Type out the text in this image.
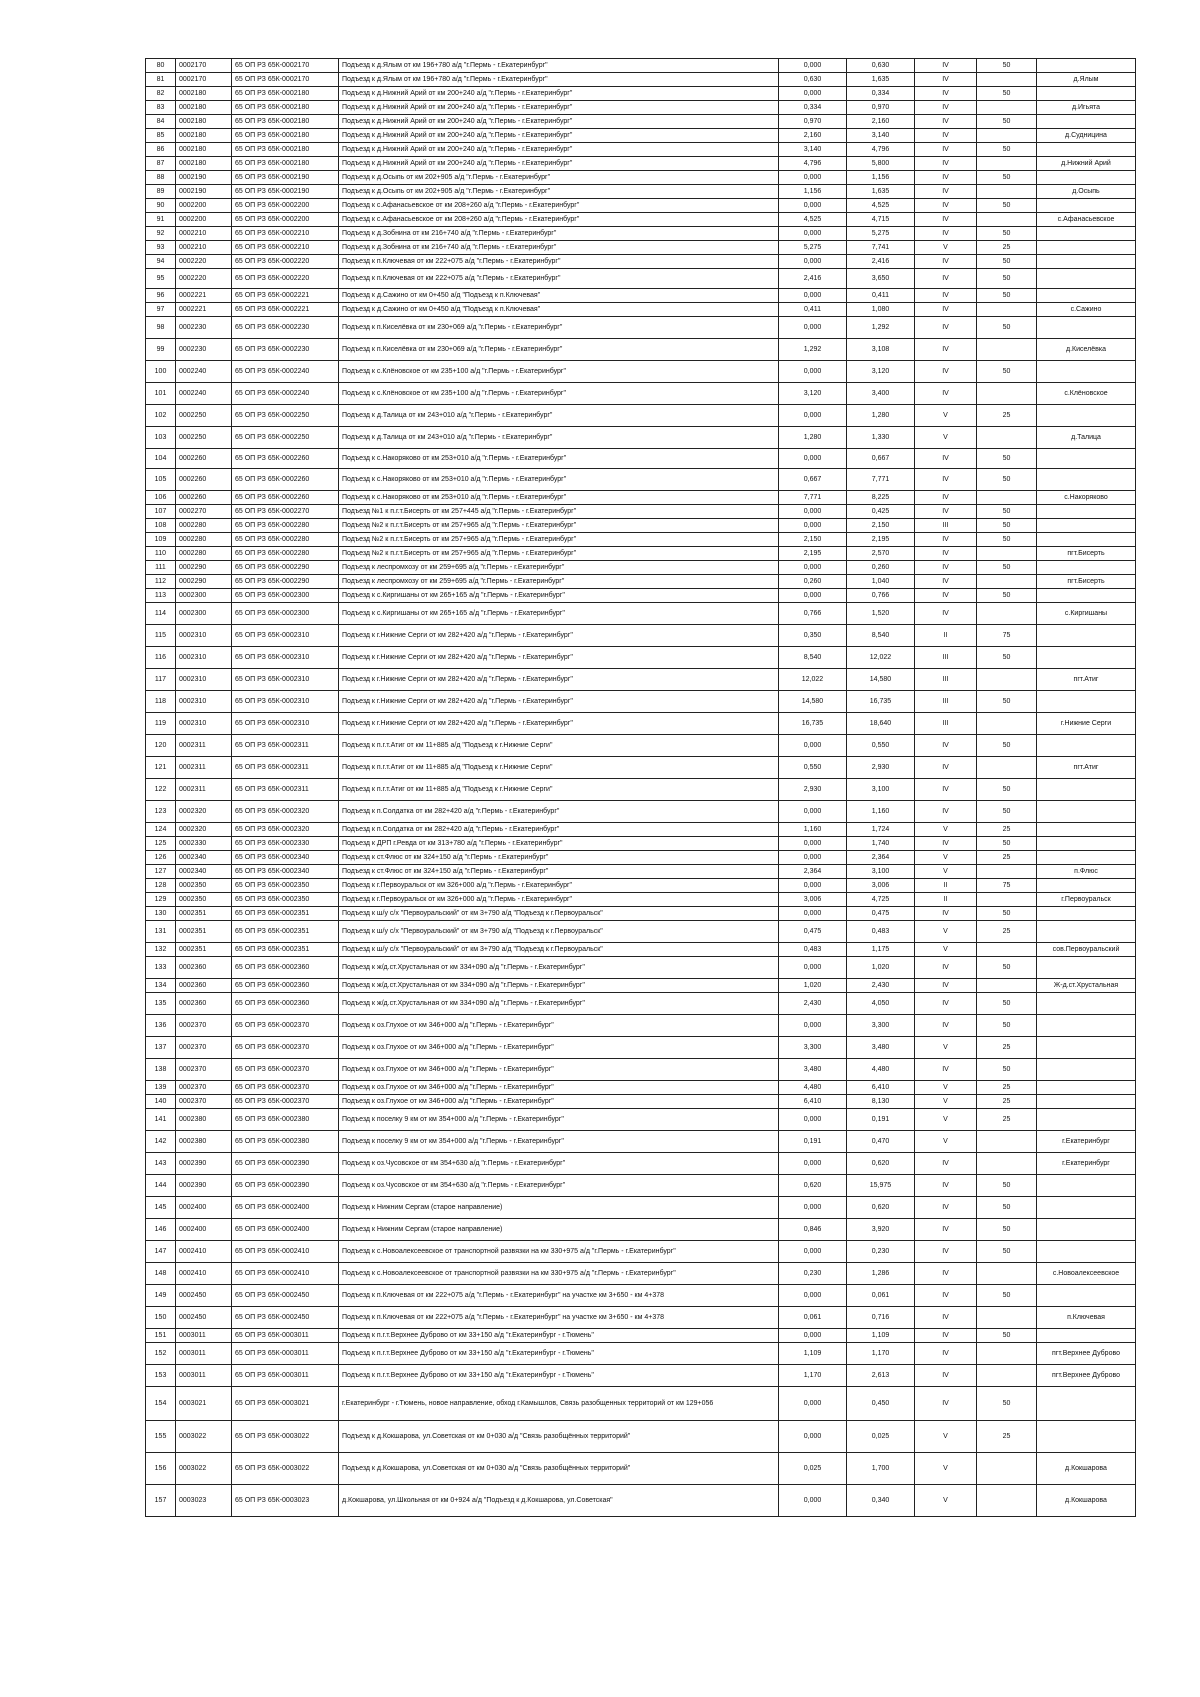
80	0002170	65 ОП РЗ 65К-0002170	Подъезд к д.Ялым от км 196+780 а/д "г.Пермь - г.Екатеринбург"	0,000	0,630	IV	50	
81	0002170	65 ОП РЗ 65К-0002170	Подъезд к д.Ялым от км 196+780 а/д "г.Пермь - г.Екатеринбург"	0,630	1,635	IV		д.Ялым
82	0002180	65 ОП РЗ 65К-0002180	Подъезд к д.Нижний Арий от км 200+240 а/д "г.Пермь - г.Екатеринбург"	0,000	0,334	IV	50	
83	0002180	65 ОП РЗ 65К-0002180	Подъезд к д.Нижний Арий от км 200+240 а/д "г.Пермь - г.Екатеринбург"	0,334	0,970	IV		д.Игьята
84	0002180	65 ОП РЗ 65К-0002180	Подъезд к д.Нижний Арий от км 200+240 а/д "г.Пермь - г.Екатеринбург"	0,970	2,160	IV	50	
85	0002180	65 ОП РЗ 65К-0002180	Подъезд к д.Нижний Арий от км 200+240 а/д "г.Пермь - г.Екатеринбург"	2,160	3,140	IV		д.Судницина
86	0002180	65 ОП РЗ 65К-0002180	Подъезд к д.Нижний Арий от км 200+240 а/д "г.Пермь - г.Екатеринбург"	3,140	4,796	IV	50	
87	0002180	65 ОП РЗ 65К-0002180	Подъезд к д.Нижний Арий от км 200+240 а/д "г.Пермь - г.Екатеринбург"	4,796	5,800	IV		д.Нижний Арий
88	0002190	65 ОП РЗ 65К-0002190	Подъезд к д.Осыпь от км 202+905 а/д "г.Пермь - г.Екатеринбург"	0,000	1,156	IV	50	
89	0002190	65 ОП РЗ 65К-0002190	Подъезд к д.Осыпь от км 202+905 а/д "г.Пермь - г.Екатеринбург"	1,156	1,635	IV		д.Осыпь
90	0002200	65 ОП РЗ 65К-0002200	Подъезд к с.Афанасьевское от км 208+260 а/д "г.Пермь - г.Екатеринбург"	0,000	4,525	IV	50	
91	0002200	65 ОП РЗ 65К-0002200	Подъезд к с.Афанасьевское от км 208+260 а/д "г.Пермь - г.Екатеринбург"	4,525	4,715	IV		с.Афанасьевское
92	0002210	65 ОП РЗ 65К-0002210	Подъезд к д.Зобнина от км 216+740 а/д "г.Пермь - г.Екатеринбург"	0,000	5,275	IV	50	
93	0002210	65 ОП РЗ 65К-0002210	Подъезд к д.Зобнина от км 216+740 а/д "г.Пермь - г.Екатеринбург"	5,275	7,741	V	25	
94	0002220	65 ОП РЗ 65К-0002220	Подъезд к п.Ключевая от км 222+075 а/д "г.Пермь - г.Екатеринбург"	0,000	2,416	IV	50	
95	0002220	65 ОП РЗ 65К-0002220	Подъезд к п.Ключевая от км 222+075 а/д "г.Пермь - г.Екатеринбург"	2,416	3,650	IV	50	
96	0002221	65 ОП РЗ 65К-0002221	Подъезд к д.Сажино от км 0+450 а/д "Подъезд к п.Ключевая"	0,000	0,411	IV	50	
97	0002221	65 ОП РЗ 65К-0002221	Подъезд к д.Сажино от км 0+450 а/д "Подъезд к п.Ключевая"	0,411	1,080	IV		с.Сажино
98	0002230	65 ОП РЗ 65К-0002230	Подъезд к п.Киселёвка от км 230+069 а/д "г.Пермь - г.Екатеринбург"	0,000	1,292	IV	50	
99	0002230	65 ОП РЗ 65К-0002230	Подъезд к п.Киселёвка от км 230+069 а/д "г.Пермь - г.Екатеринбург"	1,292	3,108	IV		д.Киселёвка
100	0002240	65 ОП РЗ 65К-0002240	Подъезд к с.Клёновское от км 235+100 а/д "г.Пермь - г.Екатеринбург"	0,000	3,120	IV	50	
101	0002240	65 ОП РЗ 65К-0002240	Подъезд к с.Клёновское от км 235+100 а/д "г.Пермь - г.Екатеринбург"	3,120	3,400	IV		с.Клёновское
102	0002250	65 ОП РЗ 65К-0002250	Подъезд к д.Талица от км 243+010 а/д "г.Пермь - г.Екатеринбург"	0,000	1,280	V	25	
103	0002250	65 ОП РЗ 65К-0002250	Подъезд к д.Талица от км 243+010 а/д "г.Пермь - г.Екатеринбург"	1,280	1,330	V		д.Талица
104	0002260	65 ОП РЗ 65К-0002260	Подъезд к с.Накоряково от км 253+010 а/д "г.Пермь - г.Екатеринбург"	0,000	0,667	IV	50	
105	0002260	65 ОП РЗ 65К-0002260	Подъезд к с.Накоряково от км 253+010 а/д "г.Пермь - г.Екатеринбург"	0,667	7,771	IV	50	
106	0002260	65 ОП РЗ 65К-0002260	Подъезд к с.Накоряково от км 253+010 а/д "г.Пермь - г.Екатеринбург"	7,771	8,225	IV		с.Накоряково
107	0002270	65 ОП РЗ 65К-0002270	Подъезд №1 к п.г.т.Бисерть от км 257+445 а/д "г.Пермь - г.Екатеринбург"	0,000	0,425	IV	50	
108	0002280	65 ОП РЗ 65К-0002280	Подъезд №2 к п.г.т.Бисерть от км 257+965 а/д "г.Пермь - г.Екатеринбург"	0,000	2,150	III	50	
109	0002280	65 ОП РЗ 65К-0002280	Подъезд №2 к п.г.т.Бисерть от км 257+965 а/д "г.Пермь - г.Екатеринбург"	2,150	2,195	IV	50	
110	0002280	65 ОП РЗ 65К-0002280	Подъезд №2 к п.г.т.Бисерть от км 257+965 а/д "г.Пермь - г.Екатеринбург"	2,195	2,570	IV		пгт.Бисерть
111	0002290	65 ОП РЗ 65К-0002290	Подъезд к леспромхозу от км 259+695 а/д "г.Пермь - г.Екатеринбург"	0,000	0,260	IV	50	
112	0002290	65 ОП РЗ 65К-0002290	Подъезд к леспромхозу от км 259+695 а/д "г.Пермь - г.Екатеринбург"	0,260	1,040	IV		пгт.Бисерть
113	0002300	65 ОП РЗ 65К-0002300	Подъезд к с.Киргишаны от км 265+165 а/д "г.Пермь - г.Екатеринбург"	0,000	0,766	IV	50	
114	0002300	65 ОП РЗ 65К-0002300	Подъезд к с.Киргишаны от км 265+165 а/д "г.Пермь - г.Екатеринбург"	0,766	1,520	IV		с.Киргишаны
115	0002310	65 ОП РЗ 65К-0002310	Подъезд к г.Нижние Серги от км 282+420 а/д "г.Пермь - г.Екатеринбург"	0,350	8,540	II	75	
116	0002310	65 ОП РЗ 65К-0002310	Подъезд к г.Нижние Серги от км 282+420 а/д "г.Пермь - г.Екатеринбург"	8,540	12,022	III	50	
117	0002310	65 ОП РЗ 65К-0002310	Подъезд к г.Нижние Серги от км 282+420 а/д "г.Пермь - г.Екатеринбург"	12,022	14,580	III		пгт.Атиг
118	0002310	65 ОП РЗ 65К-0002310	Подъезд к г.Нижние Серги от км 282+420 а/д "г.Пермь - г.Екатеринбург"	14,580	16,735	III	50	
119	0002310	65 ОП РЗ 65К-0002310	Подъезд к г.Нижние Серги от км 282+420 а/д "г.Пермь - г.Екатеринбург"	16,735	18,640	III		г.Нижние Серги
120	0002311	65 ОП РЗ 65К-0002311	Подъезд к п.г.т.Атиг от км 11+885 а/д "Подъезд к г.Нижние Серги"	0,000	0,550	IV	50	
121	0002311	65 ОП РЗ 65К-0002311	Подъезд к п.г.т.Атиг от км 11+885 а/д "Подъезд к г.Нижние Серги"	0,550	2,930	IV		пгт.Атиг
122	0002311	65 ОП РЗ 65К-0002311	Подъезд к п.г.т.Атиг от км 11+885 а/д "Подъезд к г.Нижние Серги"	2,930	3,100	IV	50	
123	0002320	65 ОП РЗ 65К-0002320	Подъезд к п.Солдатка от км 282+420 а/д "г.Пермь - г.Екатеринбург"	0,000	1,160	IV	50	
124	0002320	65 ОП РЗ 65К-0002320	Подъезд к п.Солдатка от км 282+420 а/д "г.Пермь - г.Екатеринбург"	1,160	1,724	V	25	
125	0002330	65 ОП РЗ 65К-0002330	Подъезд к ДРП г.Ревда от км 313+780 а/д "г.Пермь - г.Екатеринбург"	0,000	1,740	IV	50	
126	0002340	65 ОП РЗ 65К-0002340	Подъезд к ст.Флюс от км 324+150 а/д "г.Пермь - г.Екатеринбург"	0,000	2,364	V	25	
127	0002340	65 ОП РЗ 65К-0002340	Подъезд к ст.Флюс от км 324+150 а/д "г.Пермь - г.Екатеринбург"	2,364	3,100	V		п.Флюс
128	0002350	65 ОП РЗ 65К-0002350	Подъезд к г.Первоуральск от км 326+000 а/д "г.Пермь - г.Екатеринбург"	0,000	3,006	II	75	
129	0002350	65 ОП РЗ 65К-0002350	Подъезд к г.Первоуральск от км 326+000 а/д "г.Пермь - г.Екатеринбург"	3,006	4,725	II		г.Первоуральск
130	0002351	65 ОП РЗ 65К-0002351	Подъезд к ш/у с/х "Первоуральский" от км 3+790 а/д "Подъезд к г.Первоуральск"	0,000	0,475	IV	50	
131	0002351	65 ОП РЗ 65К-0002351	Подъезд к ш/у с/х "Первоуральский" от км 3+790 а/д "Подъезд к г.Первоуральск"	0,475	0,483	V	25	
132	0002351	65 ОП РЗ 65К-0002351	Подъезд к ш/у с/х "Первоуральский" от км 3+790 а/д "Подъезд к г.Первоуральск"	0,483	1,175	V		сов.Первоуральский
133	0002360	65 ОП РЗ 65К-0002360	Подъезд к ж/д.ст.Хрустальная от км 334+090 а/д "г.Пермь - г.Екатеринбург"	0,000	1,020	IV	50	
134	0002360	65 ОП РЗ 65К-0002360	Подъезд к ж/д.ст.Хрустальная от км 334+090 а/д "г.Пермь - г.Екатеринбург"	1,020	2,430	IV		Ж-д.ст.Хрустальная
135	0002360	65 ОП РЗ 65К-0002360	Подъезд к ж/д.ст.Хрустальная от км 334+090 а/д "г.Пермь - г.Екатеринбург"	2,430	4,050	IV	50	
136	0002370	65 ОП РЗ 65К-0002370	Подъезд к оз.Глухое от км 346+000 а/д "г.Пермь - г.Екатеринбург"	0,000	3,300	IV	50	
137	0002370	65 ОП РЗ 65К-0002370	Подъезд к оз.Глухое от км 346+000 а/д "г.Пермь - г.Екатеринбург"	3,300	3,480	V	25	
138	0002370	65 ОП РЗ 65К-0002370	Подъезд к оз.Глухое от км 346+000 а/д "г.Пермь - г.Екатеринбург"	3,480	4,480	IV	50	
139	0002370	65 ОП РЗ 65К-0002370	Подъезд к оз.Глухое от км 346+000 а/д "г.Пермь - г.Екатеринбург"	4,480	6,410	V	25	
140	0002370	65 ОП РЗ 65К-0002370	Подъезд к оз.Глухое от км 346+000 а/д "г.Пермь - г.Екатеринбург"	6,410	8,130	V	25	
141	0002380	65 ОП РЗ 65К-0002380	Подъезд к поселку 9 км от км 354+000 а/д "г.Пермь - г.Екатеринбург"	0,000	0,191	V	25	
142	0002380	65 ОП РЗ 65К-0002380	Подъезд к поселку 9 км от км 354+000 а/д "г.Пермь - г.Екатеринбург"	0,191	0,470	V		г.Екатеринбург
143	0002390	65 ОП РЗ 65К-0002390	Подъезд к оз.Чусовское от км 354+630 а/д "г.Пермь - г.Екатеринбург"	0,000	0,620	IV		г.Екатеринбург
144	0002390	65 ОП РЗ 65К-0002390	Подъезд к оз.Чусовское от км 354+630 а/д "г.Пермь - г.Екатеринбург"	0,620	15,975	IV	50	
145	0002400	65 ОП РЗ 65К-0002400	Подъезд к Нижним Сергам (старое направление)	0,000	0,620	IV	50	
146	0002400	65 ОП РЗ 65К-0002400	Подъезд к Нижним Сергам (старое направление)	0,846	3,920	IV	50	
147	0002410	65 ОП РЗ 65К-0002410	Подъезд к с.Новоалексеевское от транспортной развязки на км 330+975 а/д "г.Пермь - г.Екатеринбург"	0,000	0,230	IV	50	
148	0002410	65 ОП РЗ 65К-0002410	Подъезд к с.Новоалексеевское от транспортной развязки на км 330+975 а/д "г.Пермь - г.Екатеринбург"	0,230	1,286	IV		с.Новоалексеевское
149	0002450	65 ОП РЗ 65К-0002450	Подъезд к п.Ключевая от км 222+075 а/д "г.Пермь - г.Екатеринбург" на участке км 3+650 - км 4+378	0,000	0,061	IV	50	
150	0002450	65 ОП РЗ 65К-0002450	Подъезд к п.Ключевая от км 222+075 а/д "г.Пермь - г.Екатеринбург" на участке км 3+650 - км 4+378	0,061	0,716	IV		п.Ключевая
151	0003011	65 ОП РЗ 65К-0003011	Подъезд к п.г.т.Верхнее Дуброво от км 33+150 а/д "г.Екатеринбург - г.Тюмень"	0,000	1,109	IV	50	
152	0003011	65 ОП РЗ 65К-0003011	Подъезд к п.г.т.Верхнее Дуброво от км 33+150 а/д "г.Екатеринбург - г.Тюмень"	1,109	1,170	IV		пгт.Верхнее Дуброво
153	0003011	65 ОП РЗ 65К-0003011	Подъезд к п.г.т.Верхнее Дуброво от км 33+150 а/д "г.Екатеринбург - г.Тюмень"	1,170	2,613	IV		пгт.Верхнее Дуброво
154	0003021	65 ОП РЗ 65К-0003021	г.Екатеринбург - г.Тюмень, новое направление, обход г.Камышлов, Связь разобщенных территорий от км 129+056	0,000	0,450	IV	50	
155	0003022	65 ОП РЗ 65К-0003022	Подъезд к д.Кокшарова, ул.Советская от км 0+030 а/д "Связь разобщённых территорий"	0,000	0,025	V	25	
156	0003022	65 ОП РЗ 65К-0003022	Подъезд к д.Кокшарова, ул.Советская от км 0+030 а/д "Связь разобщённых территорий"	0,025	1,700	V		д.Кокшарова
157	0003023	65 ОП РЗ 65К-0003023	д.Кокшарова, ул.Школьная от км 0+924 а/д "Подъезд к д.Кокшарова, ул.Советская"	0,000	0,340	V		д.Кокшарова
